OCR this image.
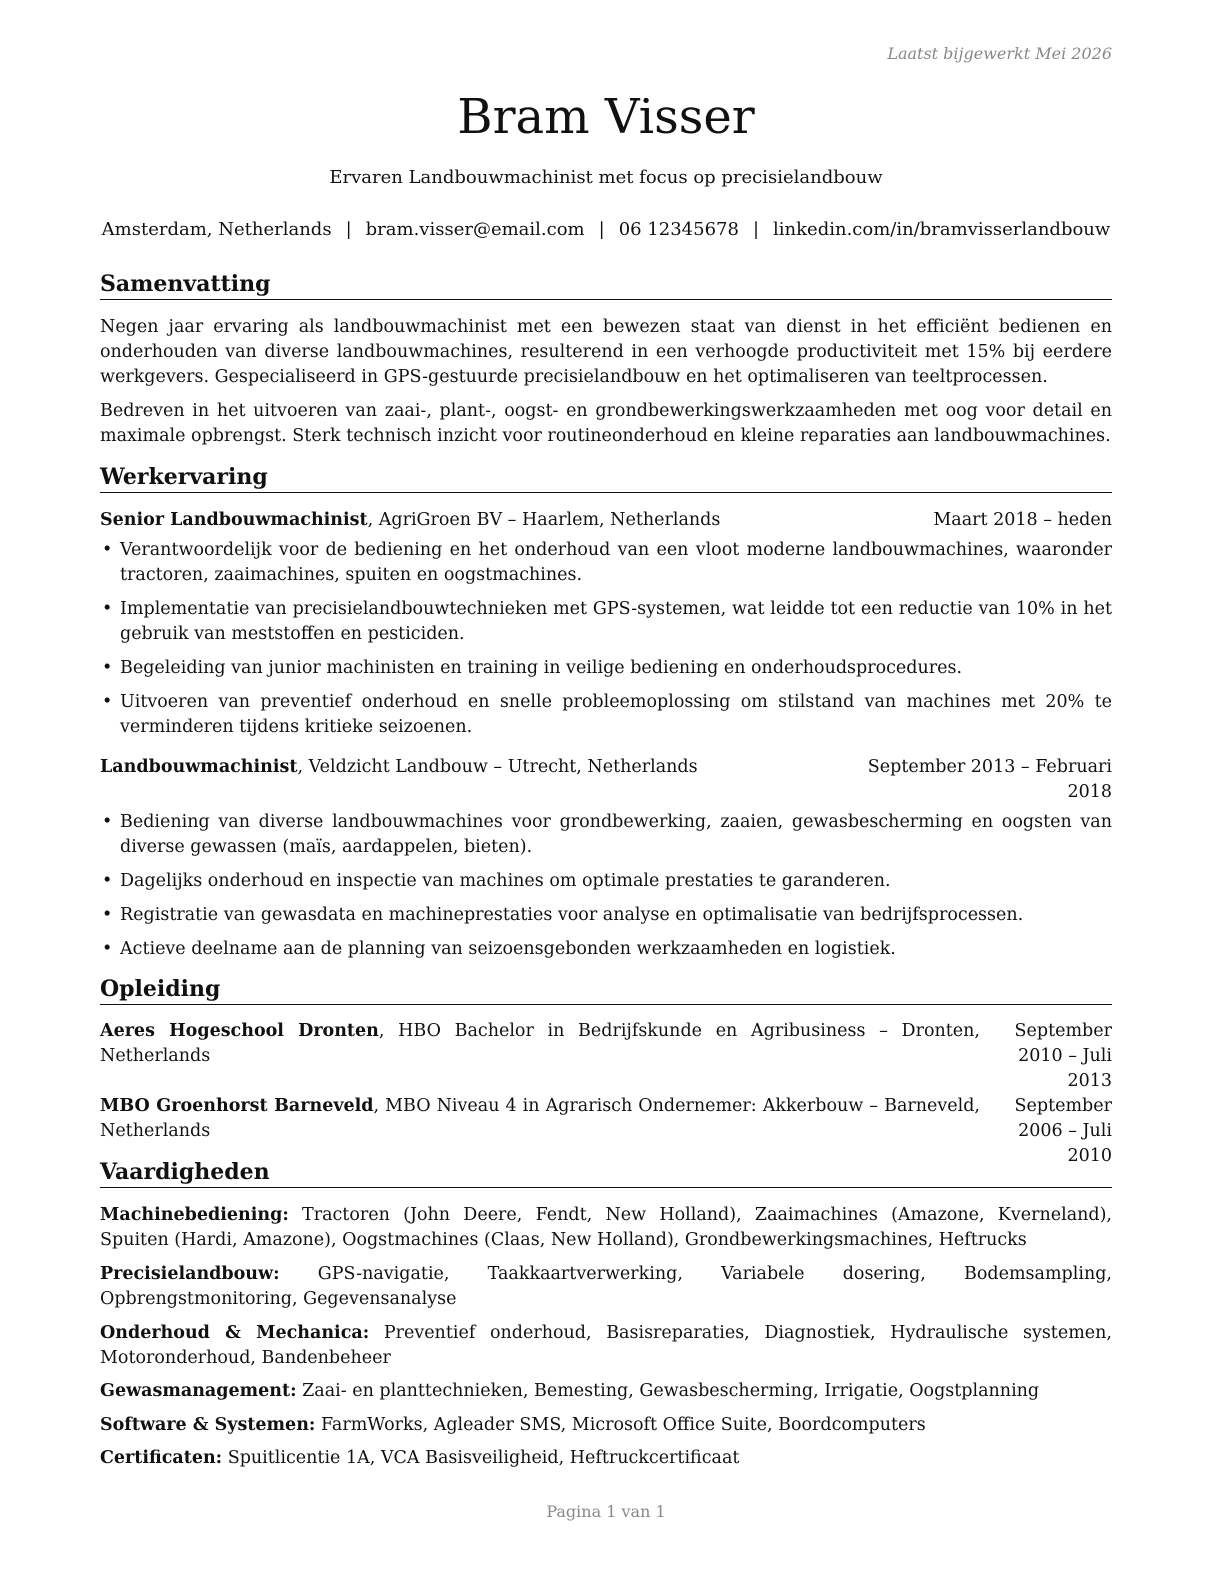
Laatst bijgewerkt Mei 2026
Bram Visser
Ervaren Landbouwmachinist met focus op precisielandbouw
Amsterdam, Netherlands | bram.visser@email.com | 06 12345678 | linkedin.com/in/bramvisserlandbouw
Samenvatting
Negen jaar ervaring als landbouwmachinist met een bewezen staat van dienst in het efficiënt bedienen en onderhouden van diverse landbouwmachines, resulterend in een verhoogde productiviteit met 15% bij eerdere werkgevers. Gespecialiseerd in GPS-gestuurde precisielandbouw en het optimaliseren van teeltprocessen.
Bedreven in het uitvoeren van zaai-, plant-, oogst- en grondbewerkingswerkzaamheden met oog voor detail en maximale opbrengst. Sterk technisch inzicht voor routineonderhoud en kleine reparaties aan landbouwmachines.
Werkervaring
Senior Landbouwmachinist, AgriGroen BV – Haarlem, Netherlands	Maart 2018 – heden
• Verantwoordelijk voor de bediening en het onderhoud van een vloot moderne landbouwmachines, waaronder tractoren, zaaimachines, spuiten en oogstmachines.
• Implementatie van precisielandbouwtechnieken met GPS-systemen, wat leidde tot een reductie van 10% in het gebruik van meststoffen en pesticiden.
• Begeleiding van junior machinisten en training in veilige bediening en onderhoudsprocedures.
• Uitvoeren van preventief onderhoud en snelle probleemoplossing om stilstand van machines met 20% te verminderen tijdens kritieke seizoenen.
Landbouwmachinist, Veldzicht Landbouw – Utrecht, Netherlands	September 2013 – Februari
2018
• Bediening van diverse landbouwmachines voor grondbewerking, zaaien, gewasbescherming en oogsten van diverse gewassen (maïs, aardappelen, bieten).
• Dagelijks onderhoud en inspectie van machines om optimale prestaties te garanderen.
• Registratie van gewasdata en machineprestaties voor analyse en optimalisatie van bedrijfsprocessen.
• Actieve deelname aan de planning van seizoensgebonden werkzaamheden en logistiek.
Opleiding
Aeres Hogeschool Dronten, HBO Bachelor in Bedrijfskunde en Agribusiness – Dronten, Netherlands
September 2010 – Juli
2013
MBO Groenhorst Barneveld, MBO Niveau 4 in Agrarisch Ondernemer: Akkerbouw – Barneveld, Netherlands
September 2006 – Juli
2010
Vaardigheden
Machinebediening: Tractoren (John Deere, Fendt, New Holland), Zaaimachines (Amazone, Kverneland), Spuiten (Hardi, Amazone), Oogstmachines (Claas, New Holland), Grondbewerkingsmachines, Heftrucks
Precisielandbouw: GPS-navigatie, Taakkaartverwerking, Variabele dosering, Bodemsampling, Opbrengstmonitoring, Gegevensanalyse
Onderhoud & Mechanica: Preventief onderhoud, Basisreparaties, Diagnostiek, Hydraulische systemen, Motoronderhoud, Bandenbeheer
Gewasmanagement: Zaai- en planttechnieken, Bemesting, Gewasbescherming, Irrigatie, Oogstplanning
Software & Systemen: FarmWorks, Agleader SMS, Microsoft Office Suite, Boordcomputers
Certificaten: Spuitlicentie 1A, VCA Basisveiligheid, Heftruckcertificaat
Pagina 1 van 1
